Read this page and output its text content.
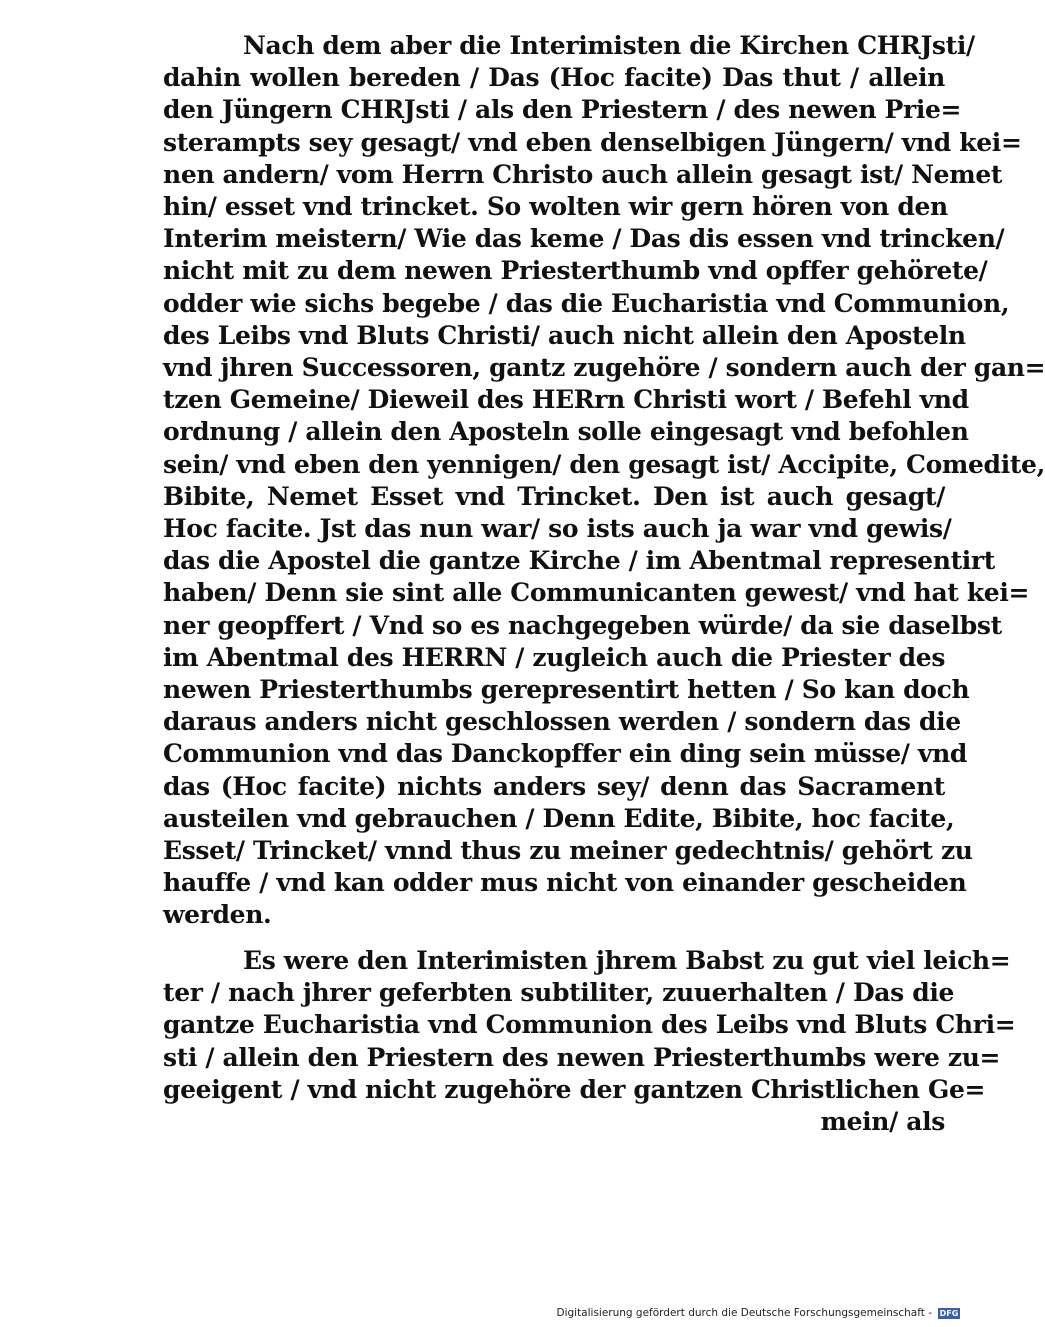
Nach dem aber die Interimisten die Kirchen CHRJsti/
dahin wollen bereden / Das (Hoc facite) Das thut / allein
den Jüngern CHRJsti / als den Priestern / des newen Prie=
sterampts sey gesagt/ vnd eben denselbigen Jüngern/ vnd kei=
nen andern/ vom Herrn Christo auch allein gesagt ist/ Nemet
hin/ esset vnd trincket. So wolten wir gern hören von den
Interim meistern/ Wie das keme / Das dis essen vnd trincken/
nicht mit zu dem newen Priesterthumb vnd opffer gehörete/
odder wie sichs begebe / das die Eucharistia vnd Communion,
des Leibs vnd Bluts Christi/ auch nicht allein den Aposteln
vnd jhren Successoren, gantz zugehöre / sondern auch der gan=
tzen Gemeine/ Dieweil des HERrn Christi wort / Befehl vnd
ordnung / allein den Aposteln solle eingesagt vnd befohlen
sein/ vnd eben den yennigen/ den gesagt ist/ Accipite, Comedite,
Bibite, Nemet Esset vnd Trincket. Den ist auch gesagt/
Hoc facite. Jst das nun war/ so ists auch ja war vnd gewis/
das die Apostel die gantze Kirche / im Abentmal representirt
haben/ Denn sie sint alle Communicanten gewest/ vnd hat kei=
ner geopffert / Vnd so es nachgegeben würde/ da sie daselbst
im Abentmal des HERRN / zugleich auch die Priester des
newen Priesterthumbs gerepresentirt hetten / So kan doch
daraus anders nicht geschlossen werden / sondern das die
Communion vnd das Danckopffer ein ding sein müsse/ vnd
das (Hoc facite) nichts anders sey/ denn das Sacrament
austeilen vnd gebrauchen / Denn Edite, Bibite, hoc facite,
Esset/ Trincket/ vnnd thus zu meiner gedechtnis/ gehört zu
hauffe / vnd kan odder mus nicht von einander gescheiden
werden.
Es were den Interimisten jhrem Babst zu gut viel leich=
ter / nach jhrer geferbten subtiliter, zuuerhalten / Das die
gantze Eucharistia vnd Communion des Leibs vnd Bluts Chri=
sti / allein den Priestern des newen Priesterthumbs were zu=
geeigent / vnd nicht zugehöre der gantzen Christlichen Ge=
mein/ als
Digitalisierung gefördert durch die Deutsche Forschungsgemeinschaft - DFG
